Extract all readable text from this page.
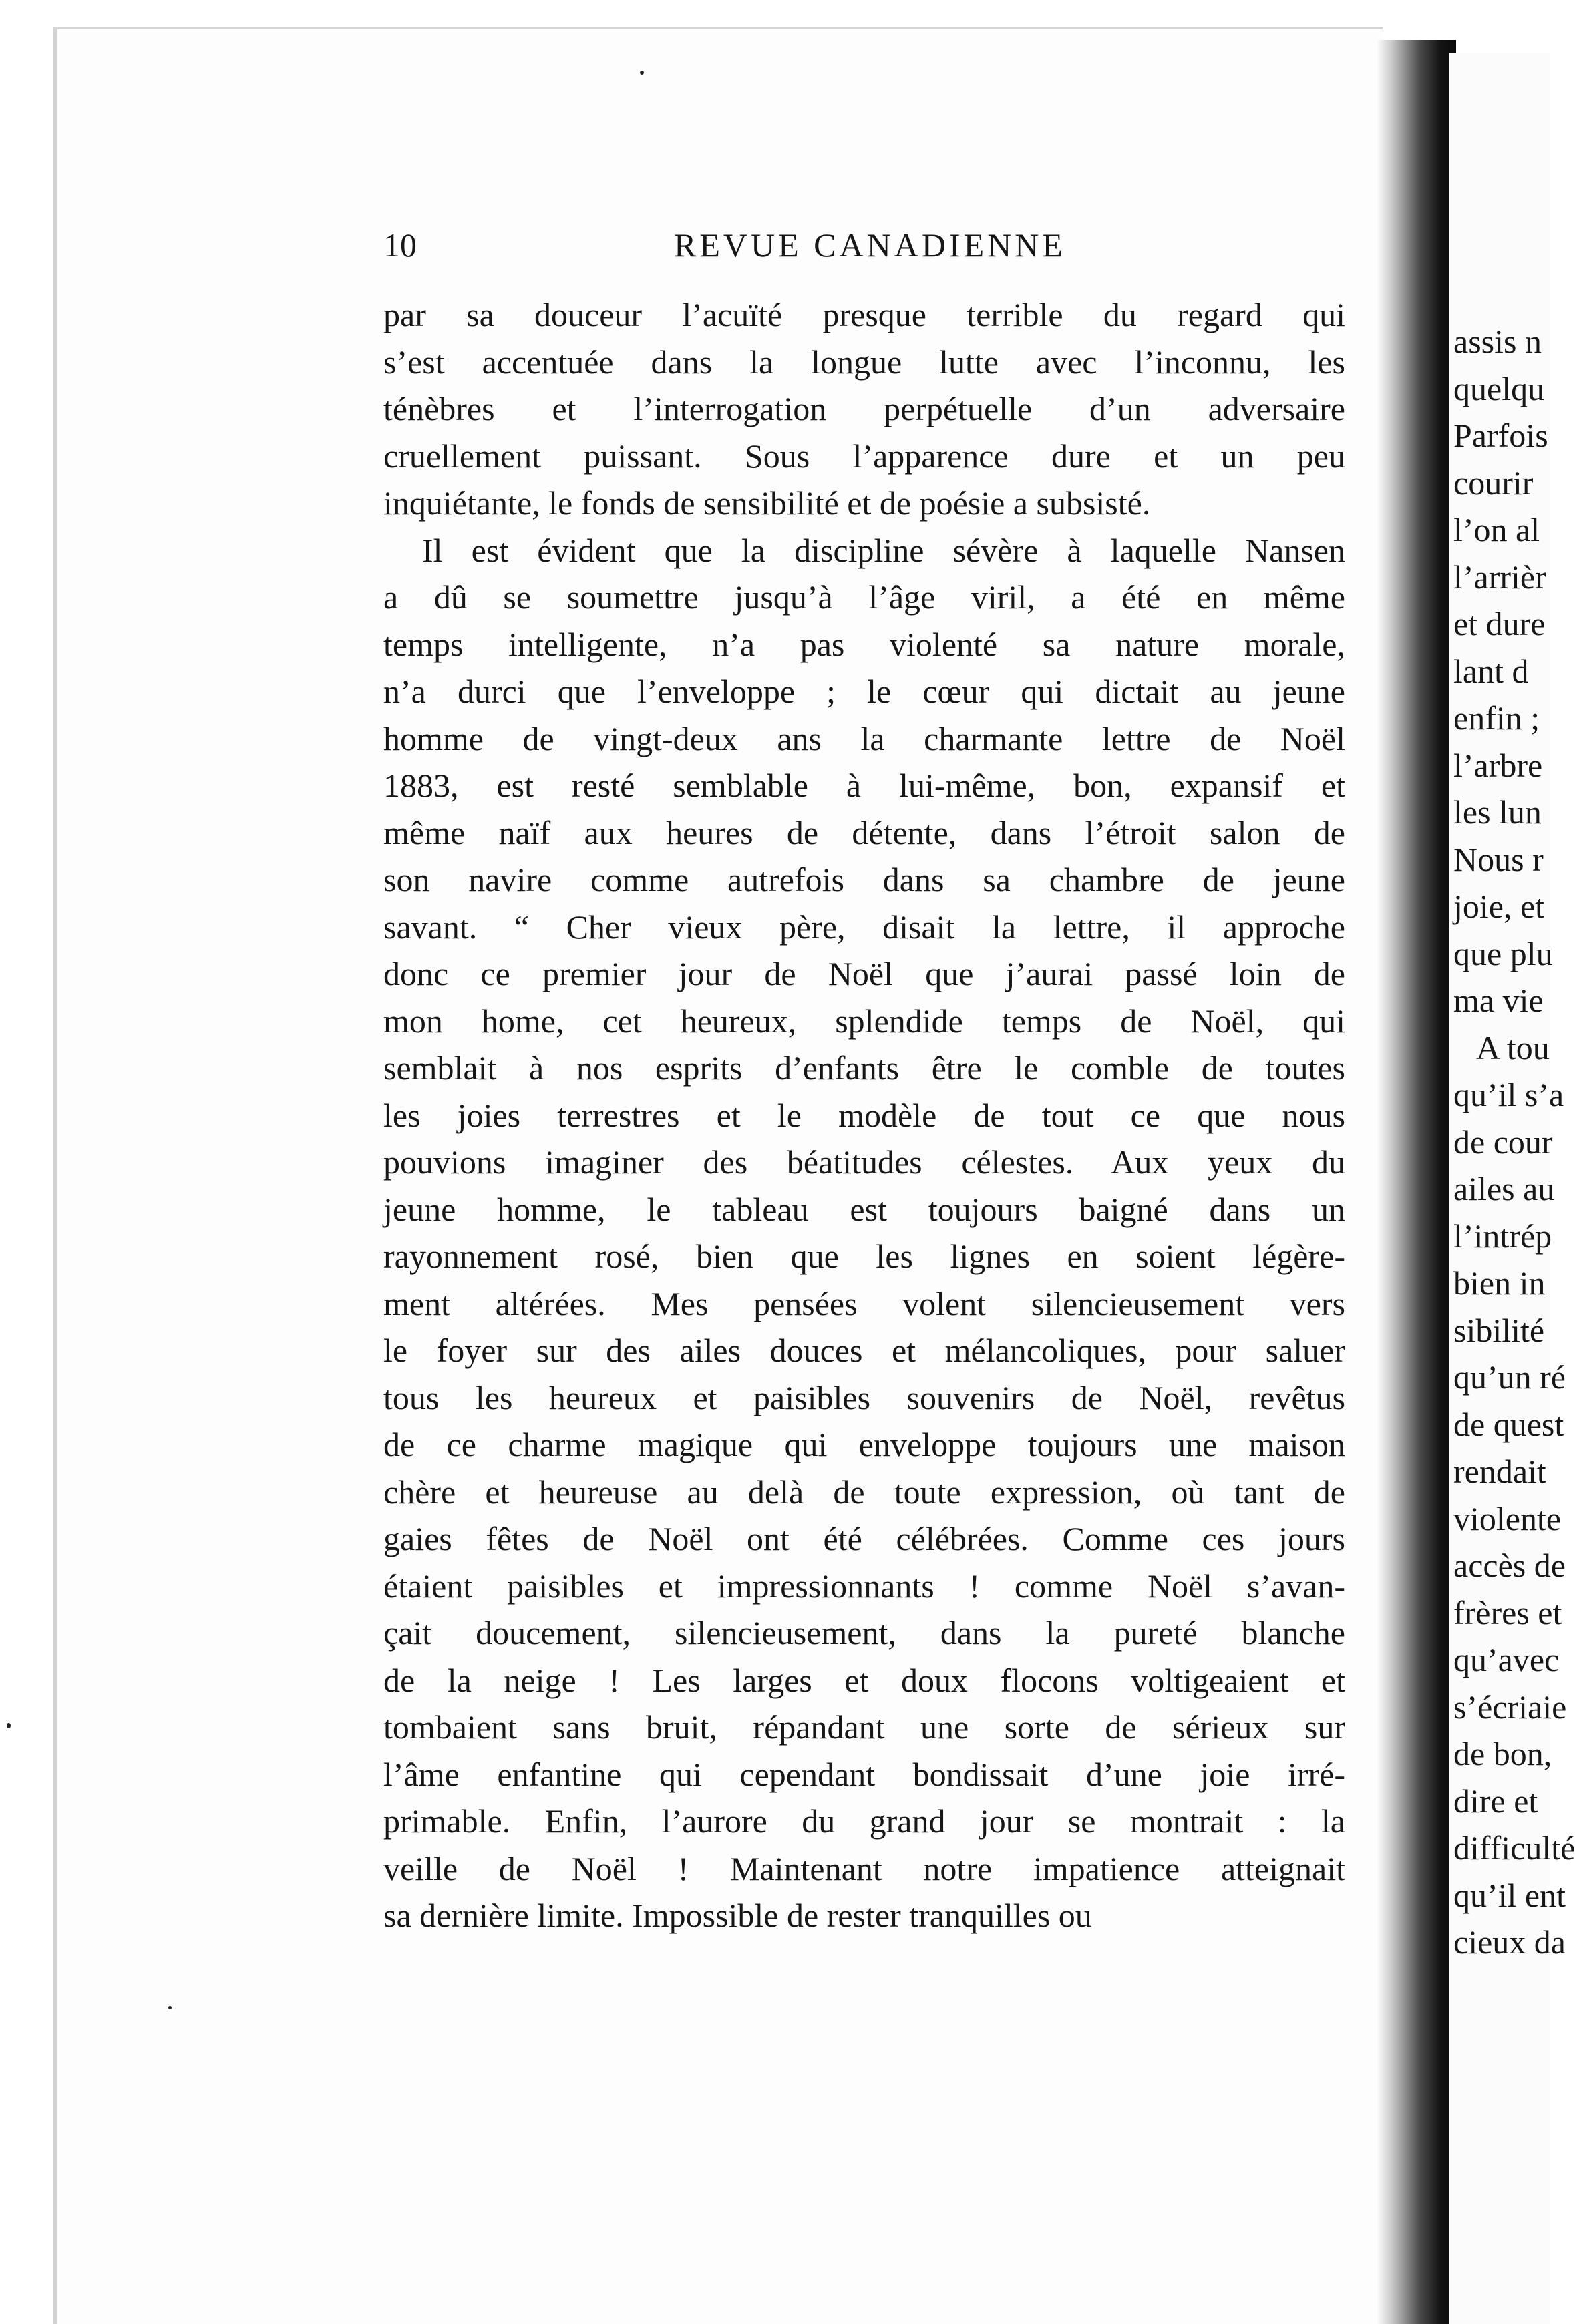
assis n
quelqu
Parfois
courir
l’on al
l’arrièr
et dure
lant d
enfin ;
l’arbre
les lun
Nous r
joie, et
que plu
ma vie
A tou
qu’il s’a
de cour
ailes au
l’intrép
bien in
sibilité
qu’un ré
de quest
rendait
violente
accès de
frères et
qu’avec
s’écriaie
de bon,
dire et
difficulté
qu’il ent
cieux da
10	REVUE CANADIENNE
par sa douceur l’acuïté presque terrible du regard qui
s’est accentuée dans la longue lutte avec l’inconnu, les
ténèbres et l’interrogation perpétuelle d’un adversaire
cruellement puissant. Sous l’apparence dure et un peu
inquiétante, le fonds de sensibilité et de poésie a subsisté.
Il est évident que la discipline sévère à laquelle Nansen
a dû se soumettre jusqu’à l’âge viril, a été en même
temps intelligente, n’a pas violenté sa nature morale,
n’a durci que l’enveloppe ; le cœur qui dictait au jeune
homme de vingt-deux ans la charmante lettre de Noël
1883, est resté semblable à lui-même, bon, expansif et
même naïf aux heures de détente, dans l’étroit salon de
son navire comme autrefois dans sa chambre de jeune
savant. “ Cher vieux père, disait la lettre, il approche
donc ce premier jour de Noël que j’aurai passé loin de
mon home, cet heureux, splendide temps de Noël, qui
semblait à nos esprits d’enfants être le comble de toutes
les joies terrestres et le modèle de tout ce que nous
pouvions imaginer des béatitudes célestes. Aux yeux du
jeune homme, le tableau est toujours baigné dans un
rayonnement rosé, bien que les lignes en soient légère-
ment altérées. Mes pensées volent silencieusement vers
le foyer sur des ailes douces et mélancoliques, pour saluer
tous les heureux et paisibles souvenirs de Noël, revêtus
de ce charme magique qui enveloppe toujours une maison
chère et heureuse au delà de toute expression, où tant de
gaies fêtes de Noël ont été célébrées. Comme ces jours
étaient paisibles et impressionnants ! comme Noël s’avan-
çait doucement, silencieusement, dans la pureté blanche
de la neige ! Les larges et doux flocons voltigeaient et
tombaient sans bruit, répandant une sorte de sérieux sur
l’âme enfantine qui cependant bondissait d’une joie irré-
primable. Enfin, l’aurore du grand jour se montrait : la
veille de Noël ! Maintenant notre impatience atteignait
sa dernière limite. Impossible de rester tranquilles ou
